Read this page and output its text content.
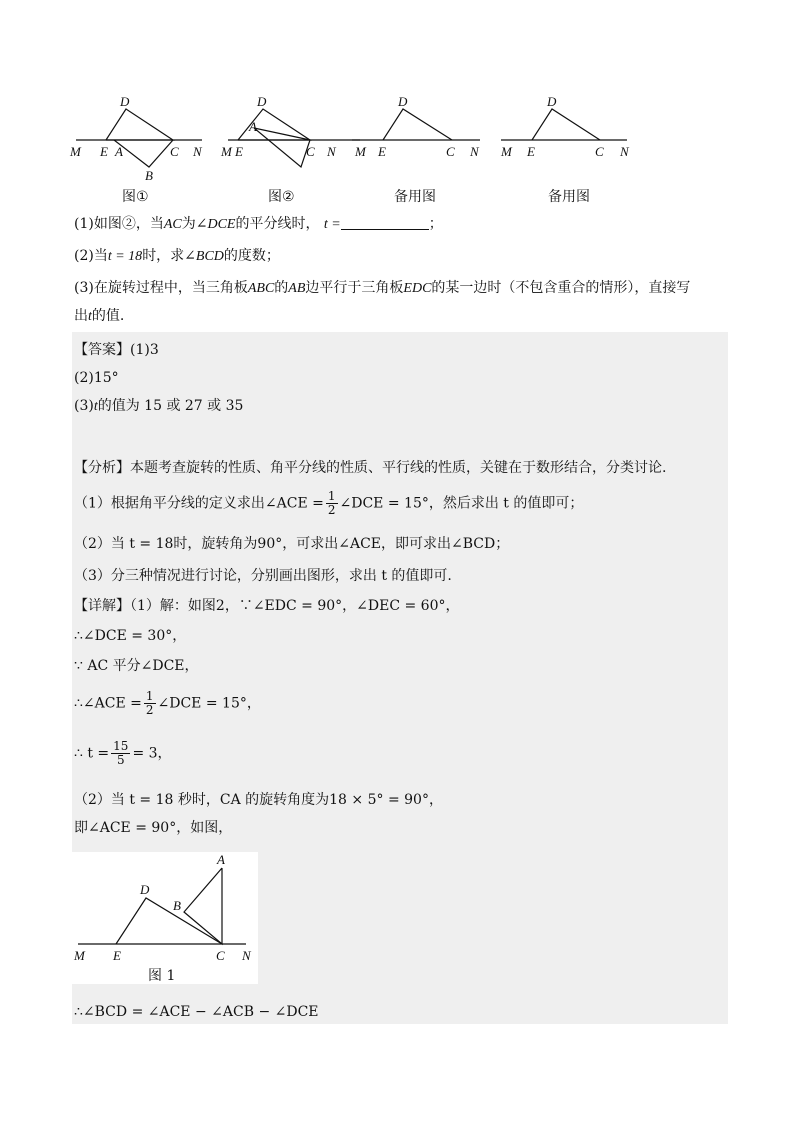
D
M E A	C N
B
D
A
M E	C N
D
M E	C N
D
M E	C N
图①	图②	备用图	备用图
(1)如图②，当AC为∠DCE的平分线时， t =	；
(2)当t = 18时，求∠BCD的度数；
(3)在旋转过程中，当三角板ABC的AB边平行于三角板EDC的某一边时（不包含重合的情形），直接写
出t的值.
【答案】(1)3
(2)15°
(3)t的值为 15 或 27 或 35
【分析】本题考查旋转的性质、角平分线的性质、平行线的性质，关键在于数形结合，分类讨论.
（1）根据角平分线的定义求出∠ACE = $\frac{1}{2}$ ∠DCE = 15°，然后求出 t 的值即可；
（2）当 t = 18时，旋转角为90°，可求出∠ACE，即可求出∠BCD；
（3）分三种情况进行讨论，分别画出图形，求出 t 的值即可.
【详解】（1）解：如图2，∵∠EDC = 90°，∠DEC = 60°，
∴∠DCE = 30°，
∵ AC 平分∠DCE，
∴∠ACE = $\frac{1}{2}$ ∠DCE = 15°，
∴ $t = \frac{15}{5} = 3$，
（2）当 t = 18 秒时，CA 的旋转角度为18 × 5° = 90°，
即∠ACE = 90°，如图，
A
D
B
M E	C N
图 1
∴∠BCD = ∠ACE − ∠ACB − ∠DCE
